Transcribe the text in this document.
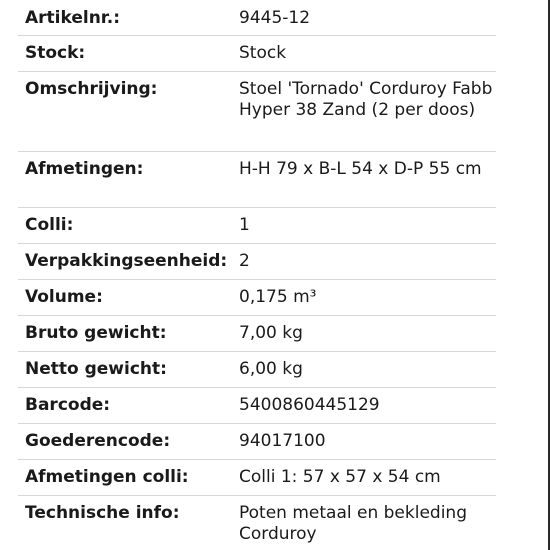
Artikelnr.:	9445-12
Stock:	Stock
Omschrijving:	Stoel 'Tornado' Corduroy Fabb Hyper 38 Zand (2 per doos)
Afmetingen:	H-H 79 x B-L 54 x D-P 55 cm
Colli:	1
Verpakkingseenheid: 2
Volume:	0,175 m³
Bruto gewicht:	7,00 kg
Netto gewicht:	6,00 kg
Barcode:	5400860445129
Goederencode:	94017100
Afmetingen colli:	Colli 1: 57 x 57 x 54 cm
Technische info:	Poten metaal en bekleding Corduroy
